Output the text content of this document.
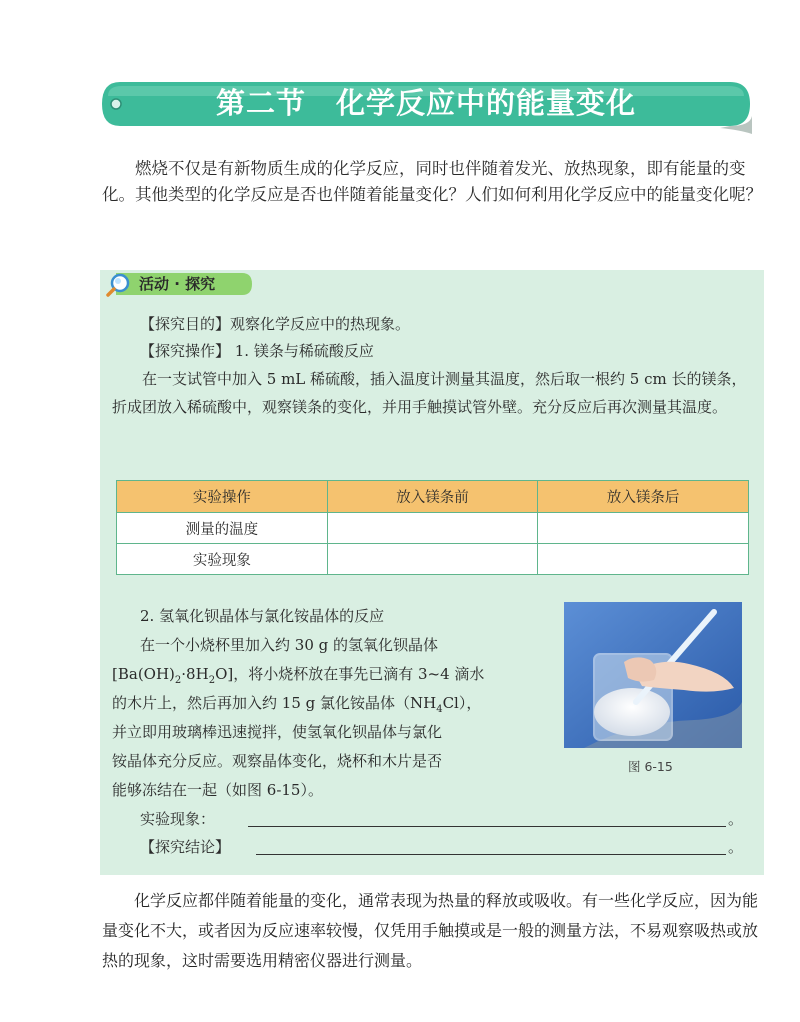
第二节　化学反应中的能量变化
燃烧不仅是有新物质生成的化学反应，同时也伴随着发光、放热现象，即有能量的变化。其他类型的化学反应是否也伴随着能量变化？人们如何利用化学反应中的能量变化呢？
活动 · 探究
【探究目的】观察化学反应中的热现象。
【探究操作】 1. 镁条与稀硫酸反应
在一支试管中加入 5 mL 稀硫酸，插入温度计测量其温度，然后取一根约 5 cm 长的镁条，折成团放入稀硫酸中，观察镁条的变化，并用手触摸试管外壁。充分反应后再次测量其温度。
实验操作	放入镁条前	放入镁条后
测量的温度		
实验现象		
2. 氢氧化钡晶体与氯化铵晶体的反应
在一个小烧杯里加入约 30 g 的氢氧化钡晶体
$[Ba(OH)_2\cdot 8H_2O]$，将小烧杯放在事先已滴有 3~4 滴水
的木片上，然后再加入约 15 g 氯化铵晶体$(NH_4Cl)$，
并立即用玻璃棒迅速搅拌，使氢氧化钡晶体与氯化
铵晶体充分反应。观察晶体变化，烧杯和木片是否
能够冻结在一起（如图 6-15）。
图 6-15
实验现象：	。
【探究结论】	。
化学反应都伴随着能量的变化，通常表现为热量的释放或吸收。有一些化学反应，因为能量变化不大，或者因为反应速率较慢，仅凭用手触摸或是一般的测量方法，不易观察吸热或放热的现象，这时需要选用精密仪器进行测量。
